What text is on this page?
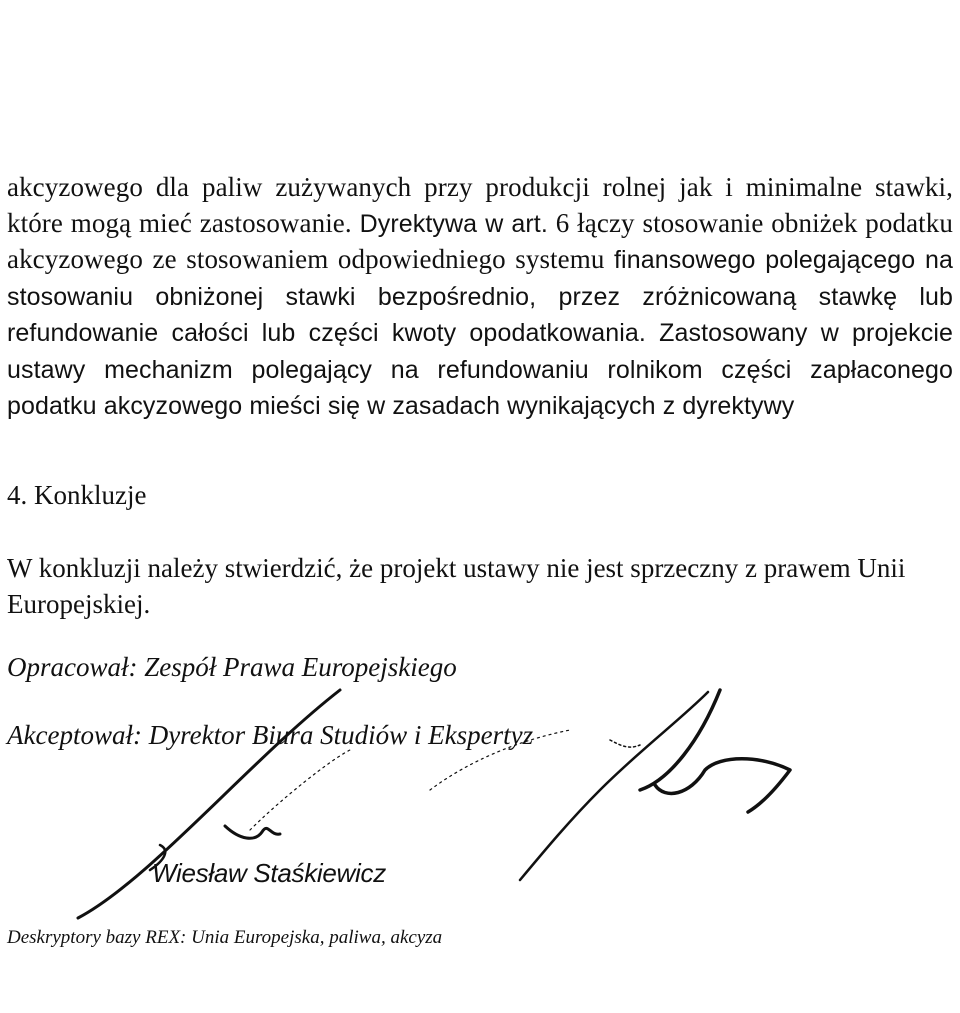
akcyzowego dla paliw zużywanych przy produkcji rolnej jak i minimalne stawki, które mogą mieć zastosowanie. Dyrektywa w art. 6 łączy stosowanie obniżek podatku akcyzowego ze stosowaniem odpowiedniego systemu finansowego polegającego na stosowaniu obniżonej stawki bezpośrednio, przez zróżnicowaną stawkę lub refundowanie całości lub części kwoty opodatkowania. Zastosowany w projekcie ustawy mechanizm polegający na refundowaniu rolnikom części zapłaconego podatku akcyzowego mieści się w zasadach wynikających z dyrektywy

4. Konkluzje

W konkluzji należy stwierdzić, że projekt ustawy nie jest sprzeczny z prawem Unii Europejskiej.

Opracował: Zespół Prawa Europejskiego

Akceptował: Dyrektor Biura Studiów i Ekspertyz

Wiesław Staśkiewicz

Deskryptory bazy REX: Unia Europejska, paliwa, akcyza
